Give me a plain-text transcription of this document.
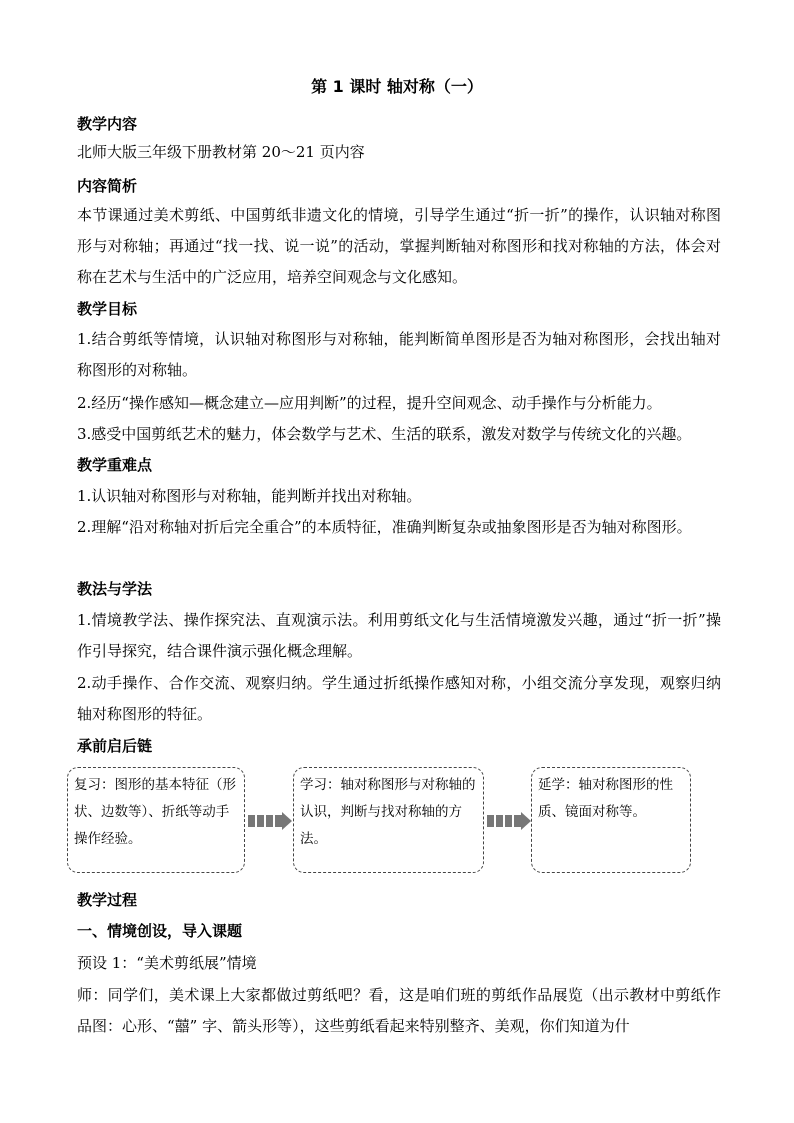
第 1 课时 轴对称（一）
教学内容
北师大版三年级下册教材第 20～21 页内容
内容简析
本节课通过美术剪纸、中国剪纸非遗文化的情境，引导学生通过“折一折”的操作，认识轴对称图形与对称轴；再通过“找一找、说一说”的活动，掌握判断轴对称图形和找对称轴的方法，体会对称在艺术与生活中的广泛应用，培养空间观念与文化感知。
教学目标
1.结合剪纸等情境，认识轴对称图形与对称轴，能判断简单图形是否为轴对称图形，会找出轴对称图形的对称轴。
2.经历“操作感知—概念建立—应用判断”的过程，提升空间观念、动手操作与分析能力。
3.感受中国剪纸艺术的魅力，体会数学与艺术、生活的联系，激发对数学与传统文化的兴趣。
教学重难点
1.认识轴对称图形与对称轴，能判断并找出对称轴。
2.理解“沿对称轴对折后完全重合”的本质特征，准确判断复杂或抽象图形是否为轴对称图形。
教法与学法
1.情境教学法、操作探究法、直观演示法。利用剪纸文化与生活情境激发兴趣，通过“折一折”操作引导探究，结合课件演示强化概念理解。
2.动手操作、合作交流、观察归纳。学生通过折纸操作感知对称，小组交流分享发现，观察归纳轴对称图形的特征。
承前启后链
复习：图形的基本特征（形状、边数等）、折纸等动手操作经验。
学习：轴对称图形与对称轴的认识，判断与找对称轴的方法。
延学：轴对称图形的性质、镜面对称等。
教学过程
一、情境创设，导入课题
预设 1：“美术剪纸展”情境
师：同学们，美术课上大家都做过剪纸吧？看，这是咱们班的剪纸作品展览（出示教材中剪纸作品图：心形、“囍” 字、箭头形等），这些剪纸看起来特别整齐、美观，你们知道为什
